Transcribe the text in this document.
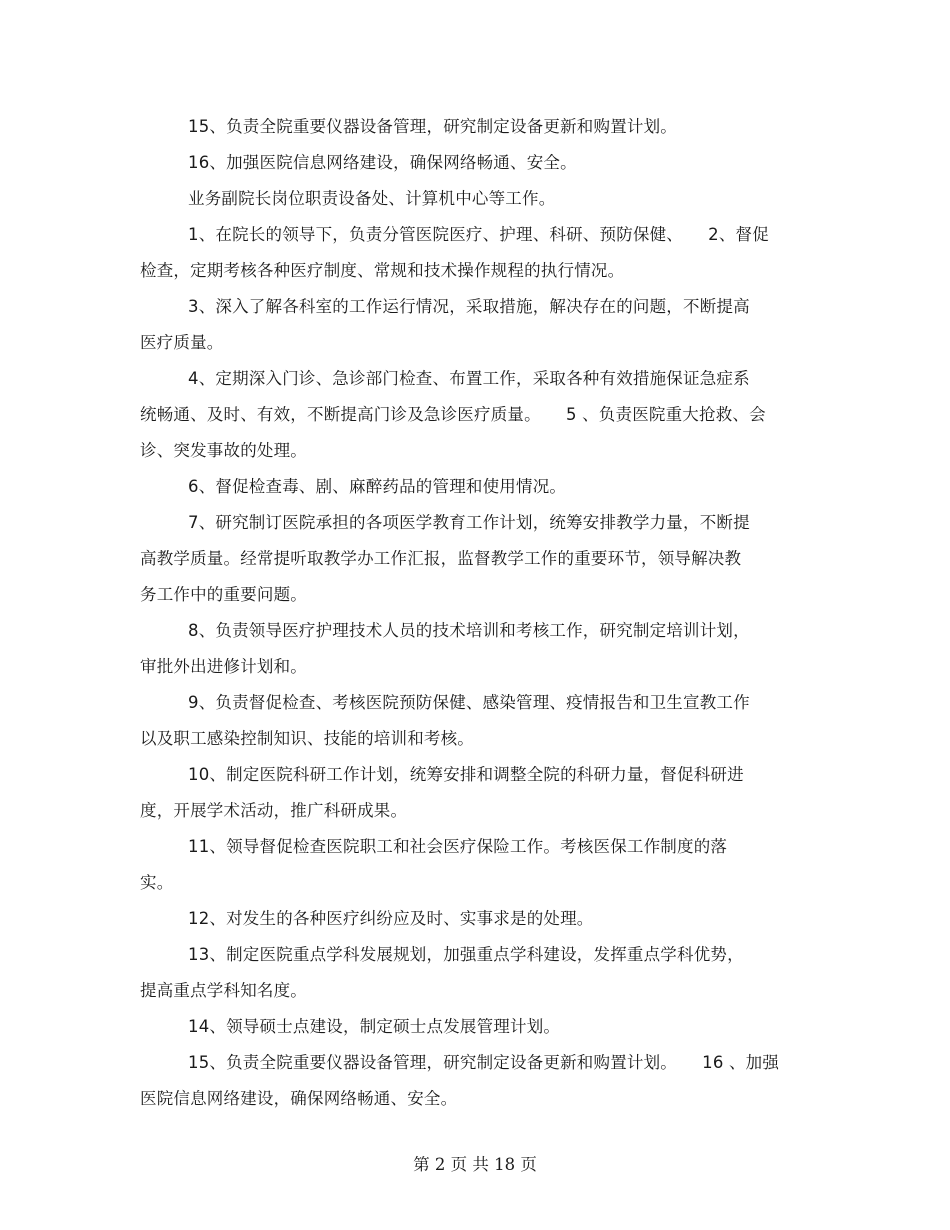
15、负责全院重要仪器设备管理，研究制定设备更新和购置计划。
16、加强医院信息网络建设，确保网络畅通、安全。
业务副院长岗位职责设备处、计算机中心等工作。
1、在院长的领导下，负责分管医院医疗、护理、科研、预防保健、　　2、督促
检查，定期考核各种医疗制度、常规和技术操作规程的执行情况。
3、深入了解各科室的工作运行情况，采取措施，解决存在的问题，不断提高
医疗质量。
4、定期深入门诊、急诊部门检查、布置工作，采取各种有效措施保证急症系
统畅通、及时、有效，不断提高门诊及急诊医疗质量。　　5 、负责医院重大抢救、会
诊、突发事故的处理。
6、督促检查毒、剧、麻醉药品的管理和使用情况。
7、研究制订医院承担的各项医学教育工作计划，统筹安排教学力量，不断提
高教学质量。经常提听取教学办工作汇报，监督教学工作的重要环节，领导解决教
务工作中的重要问题。
8、负责领导医疗护理技术人员的技术培训和考核工作，研究制定培训计划，
审批外出进修计划和。
9、负责督促检查、考核医院预防保健、感染管理、疫情报告和卫生宣教工作
以及职工感染控制知识、技能的培训和考核。
10、制定医院科研工作计划，统筹安排和调整全院的科研力量，督促科研进
度，开展学术活动，推广科研成果。
11、领导督促检查医院职工和社会医疗保险工作。考核医保工作制度的落
实。
12、对发生的各种医疗纠纷应及时、实事求是的处理。
13、制定医院重点学科发展规划，加强重点学科建设，发挥重点学科优势，
提高重点学科知名度。
14、领导硕士点建设，制定硕士点发展管理计划。
15、负责全院重要仪器设备管理，研究制定设备更新和购置计划。　　16 、加强
医院信息网络建设，确保网络畅通、安全。
第 2 页 共 18 页
